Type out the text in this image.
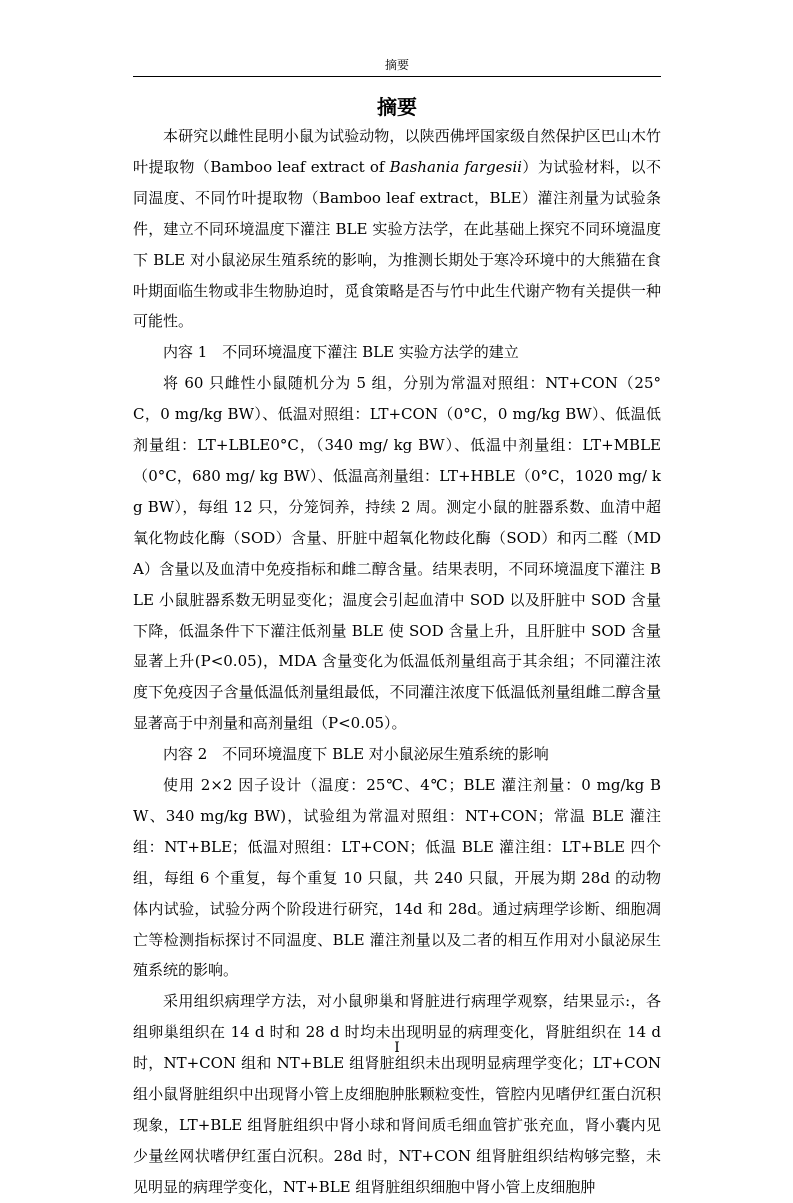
摘要
摘要

本研究以雌性昆明小鼠为试验动物，以陕西佛坪国家级自然保护区巴山木竹叶提取物（Bamboo leaf extract of Bashania fargesii）为试验材料，以不同温度、不同竹叶提取物（Bamboo leaf extract，BLE）灌注剂量为试验条件，建立不同环境温度下灌注 BLE 实验方法学，在此基础上探究不同环境温度下 BLE 对小鼠泌尿生殖系统的影响，为推测长期处于寒冷环境中的大熊猫在食叶期面临生物或非生物胁迫时，觅食策略是否与竹中此生代谢产物有关提供一种可能性。

内容 1　不同环境温度下灌注 BLE 实验方法学的建立

将 60 只雌性小鼠随机分为 5 组，分别为常温对照组：NT+CON（25°C，0 mg/kg BW）、低温对照组：LT+CON（0°C，0 mg/kg BW）、低温低剂量组：LT+LBLE0°C，（340 mg/ kg BW）、低温中剂量组：LT+MBLE（0°C，680 mg/ kg BW）、低温高剂量组：LT+HBLE（0°C，1020 mg/ kg BW），每组 12 只，分笼饲养，持续 2 周。测定小鼠的脏器系数、血清中超氧化物歧化酶（SOD）含量、肝脏中超氧化物歧化酶（SOD）和丙二醛（MDA）含量以及血清中免疫指标和雌二醇含量。结果表明，不同环境温度下灌注 BLE 小鼠脏器系数无明显变化；温度会引起血清中 SOD 以及肝脏中 SOD 含量下降，低温条件下下灌注低剂量 BLE 使 SOD 含量上升，且肝脏中 SOD 含量显著上升(P<0.05)，MDA 含量变化为低温低剂量组高于其余组；不同灌注浓度下免疫因子含量低温低剂量组最低，不同灌注浓度下低温低剂量组雌二醇含量显著高于中剂量和高剂量组（P<0.05）。

内容 2　不同环境温度下 BLE 对小鼠泌尿生殖系统的影响

使用 2×2 因子设计（温度：25℃、4℃；BLE 灌注剂量：0 mg/kg BW、340 mg/kg BW)，试验组为常温对照组：NT+CON；常温 BLE 灌注组：NT+BLE；低温对照组：LT+CON；低温 BLE 灌注组：LT+BLE 四个组，每组 6 个重复，每个重复 10 只鼠，共 240 只鼠，开展为期 28d 的动物体内试验，试验分两个阶段进行研究，14d 和 28d。通过病理学诊断、细胞凋亡等检测指标探讨不同温度、BLE 灌注剂量以及二者的相互作用对小鼠泌尿生殖系统的影响。

采用组织病理学方法，对小鼠卵巢和肾脏进行病理学观察，结果显示:，各组卵巢组织在 14 d 时和 28 d 时均未出现明显的病理变化，肾脏组织在 14 d 时，NT+CON 组和 NT+BLE 组肾脏组织未出现明显病理学变化；LT+CON 组小鼠肾脏组织中出现肾小管上皮细胞肿胀颗粒变性，管腔内见嗜伊红蛋白沉积现象，LT+BLE 组肾脏组织中肾小球和肾间质毛细血管扩张充血，肾小囊内见少量丝网状嗜伊红蛋白沉积。28d 时，NT+CON 组肾脏组织结构够完整，未见明显的病理学变化，NT+BLE 组肾脏组织细胞中肾小管上皮细胞肿

I
